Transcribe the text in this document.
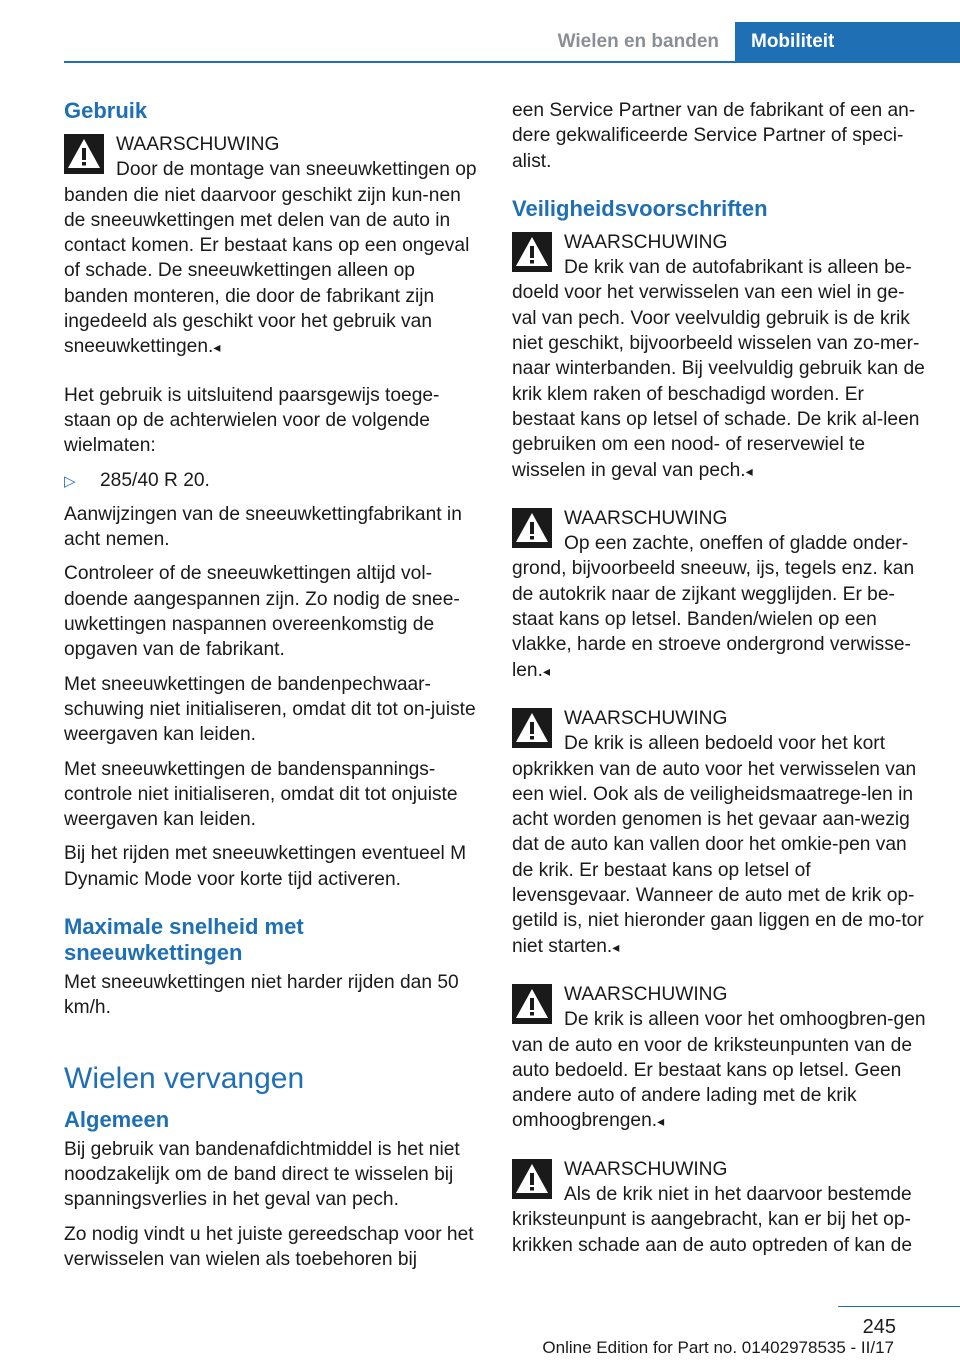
Wielen en banden	Mobiliteit
Gebruik
WAARSCHUWING
Door de montage van sneeuwkettingen op banden die niet daarvoor geschikt zijn kun-nen de sneeuwkettingen met delen van de auto in contact komen. Er bestaat kans op een ongeval of schade. De sneeuwkettingen alleen op banden monteren, die door de fabrikant zijn ingedeeld als geschikt voor het gebruik van sneeuwkettingen.◂

Het gebruik is uitsluitend paarsgewijs toege-staan op de achterwielen voor de volgende wielmaten:

▷ 285/40 R 20.

Aanwijzingen van de sneeuwkettingfabrikant in acht nemen.

Controleer of de sneeuwkettingen altijd vol-doende aangespannen zijn. Zo nodig de snee-uwkettingen naspannen overeenkomstig de opgaven van de fabrikant.

Met sneeuwkettingen de bandenpechwaar-schuwing niet initialiseren, omdat dit tot on-juiste weergaven kan leiden.

Met sneeuwkettingen de bandenspannings-controle niet initialiseren, omdat dit tot onjuiste weergaven kan leiden.

Bij het rijden met sneeuwkettingen eventueel M Dynamic Mode voor korte tijd activeren.

Maximale snelheid met sneeuwkettingen

Met sneeuwkettingen niet harder rijden dan 50 km/h.

Wielen vervangen
Algemeen

Bij gebruik van bandenafdichtmiddel is het niet noodzakelijk om de band direct te wisselen bij spanningsverlies in het geval van pech.

Zo nodig vindt u het juiste gereedschap voor het verwisselen van wielen als toebehoren bij

een Service Partner van de fabrikant of een an-dere gekwalificeerde Service Partner of speci-alist.

Veiligheidsvoorschriften
WAARSCHUWING
De krik van de autofabrikant is alleen be-doeld voor het verwisselen van een wiel in ge-val van pech. Voor veelvuldig gebruik is de krik niet geschikt, bijvoorbeeld wisselen van zo-mer- naar winterbanden. Bij veelvuldig gebruik kan de krik klem raken of beschadigd worden. Er bestaat kans op letsel of schade. De krik al-leen gebruiken om een nood- of reservewiel te wisselen in geval van pech.◂
WAARSCHUWING
Op een zachte, oneffen of gladde onder-grond, bijvoorbeeld sneeuw, ijs, tegels enz. kan de autokrik naar de zijkant wegglijden. Er be-staat kans op letsel. Banden/wielen op een vlakke, harde en stroeve ondergrond verwisse-len.◂
WAARSCHUWING
De krik is alleen bedoeld voor het kort opkrikken van de auto voor het verwisselen van een wiel. Ook als de veiligheidsmaatrege-len in acht worden genomen is het gevaar aan-wezig dat de auto kan vallen door het omkie-pen van de krik. Er bestaat kans op letsel of levensgevaar. Wanneer de auto met de krik op-getild is, niet hieronder gaan liggen en de mo-tor niet starten.◂
WAARSCHUWING
De krik is alleen voor het omhoogbren-gen van de auto en voor de kriksteunpunten van de auto bedoeld. Er bestaat kans op letsel. Geen andere auto of andere lading met de krik omhoogbrengen.◂
WAARSCHUWING
Als de krik niet in het daarvoor bestemde kriksteunpunt is aangebracht, kan er bij het op-krikken schade aan de auto optreden of kan de
245
Online Edition for Part no. 01402978535 - II/17
